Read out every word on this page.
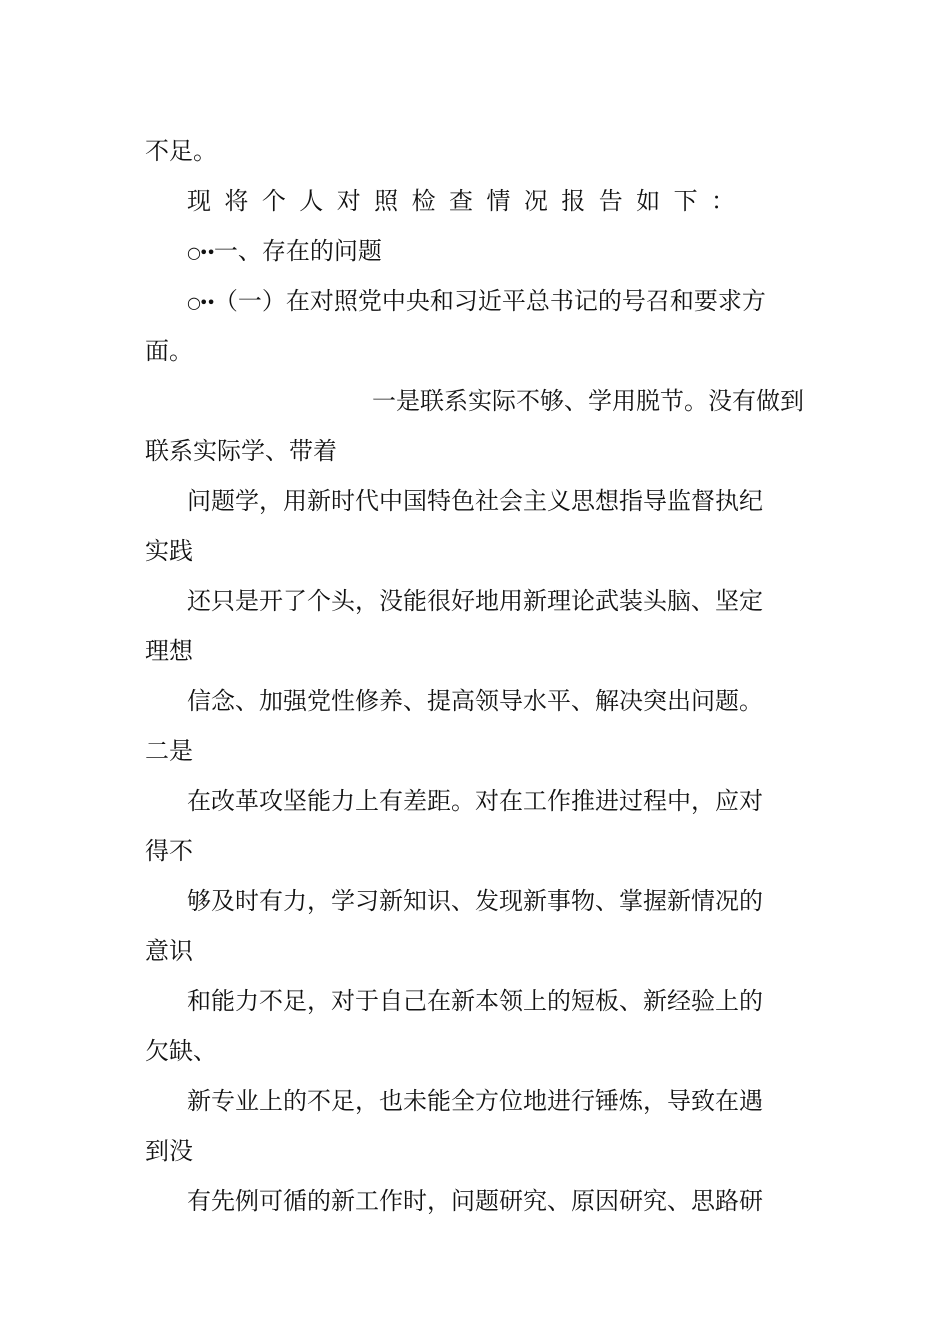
不足。
现 将 个 人 对 照 检 查 情 况 报 告 如 下 ：
○••一、存在的问题
○••（一）在对照党中央和习近平总书记的号召和要求方
面。
一是联系实际不够、学用脱节。没有做到
联系实际学、带着
问题学，用新时代中国特色社会主义思想指导监督执纪
实践
还只是开了个头，没能很好地用新理论武装头脑、坚定
理想
信念、加强党性修养、提高领导水平、解决突出问题。
二是
在改革攻坚能力上有差距。对在工作推进过程中，应对
得不
够及时有力，学习新知识、发现新事物、掌握新情况的
意识
和能力不足，对于自己在新本领上的短板、新经验上的
欠缺、
新专业上的不足，也未能全方位地进行锤炼，导致在遇
到没
有先例可循的新工作时，问题研究、原因研究、思路研
